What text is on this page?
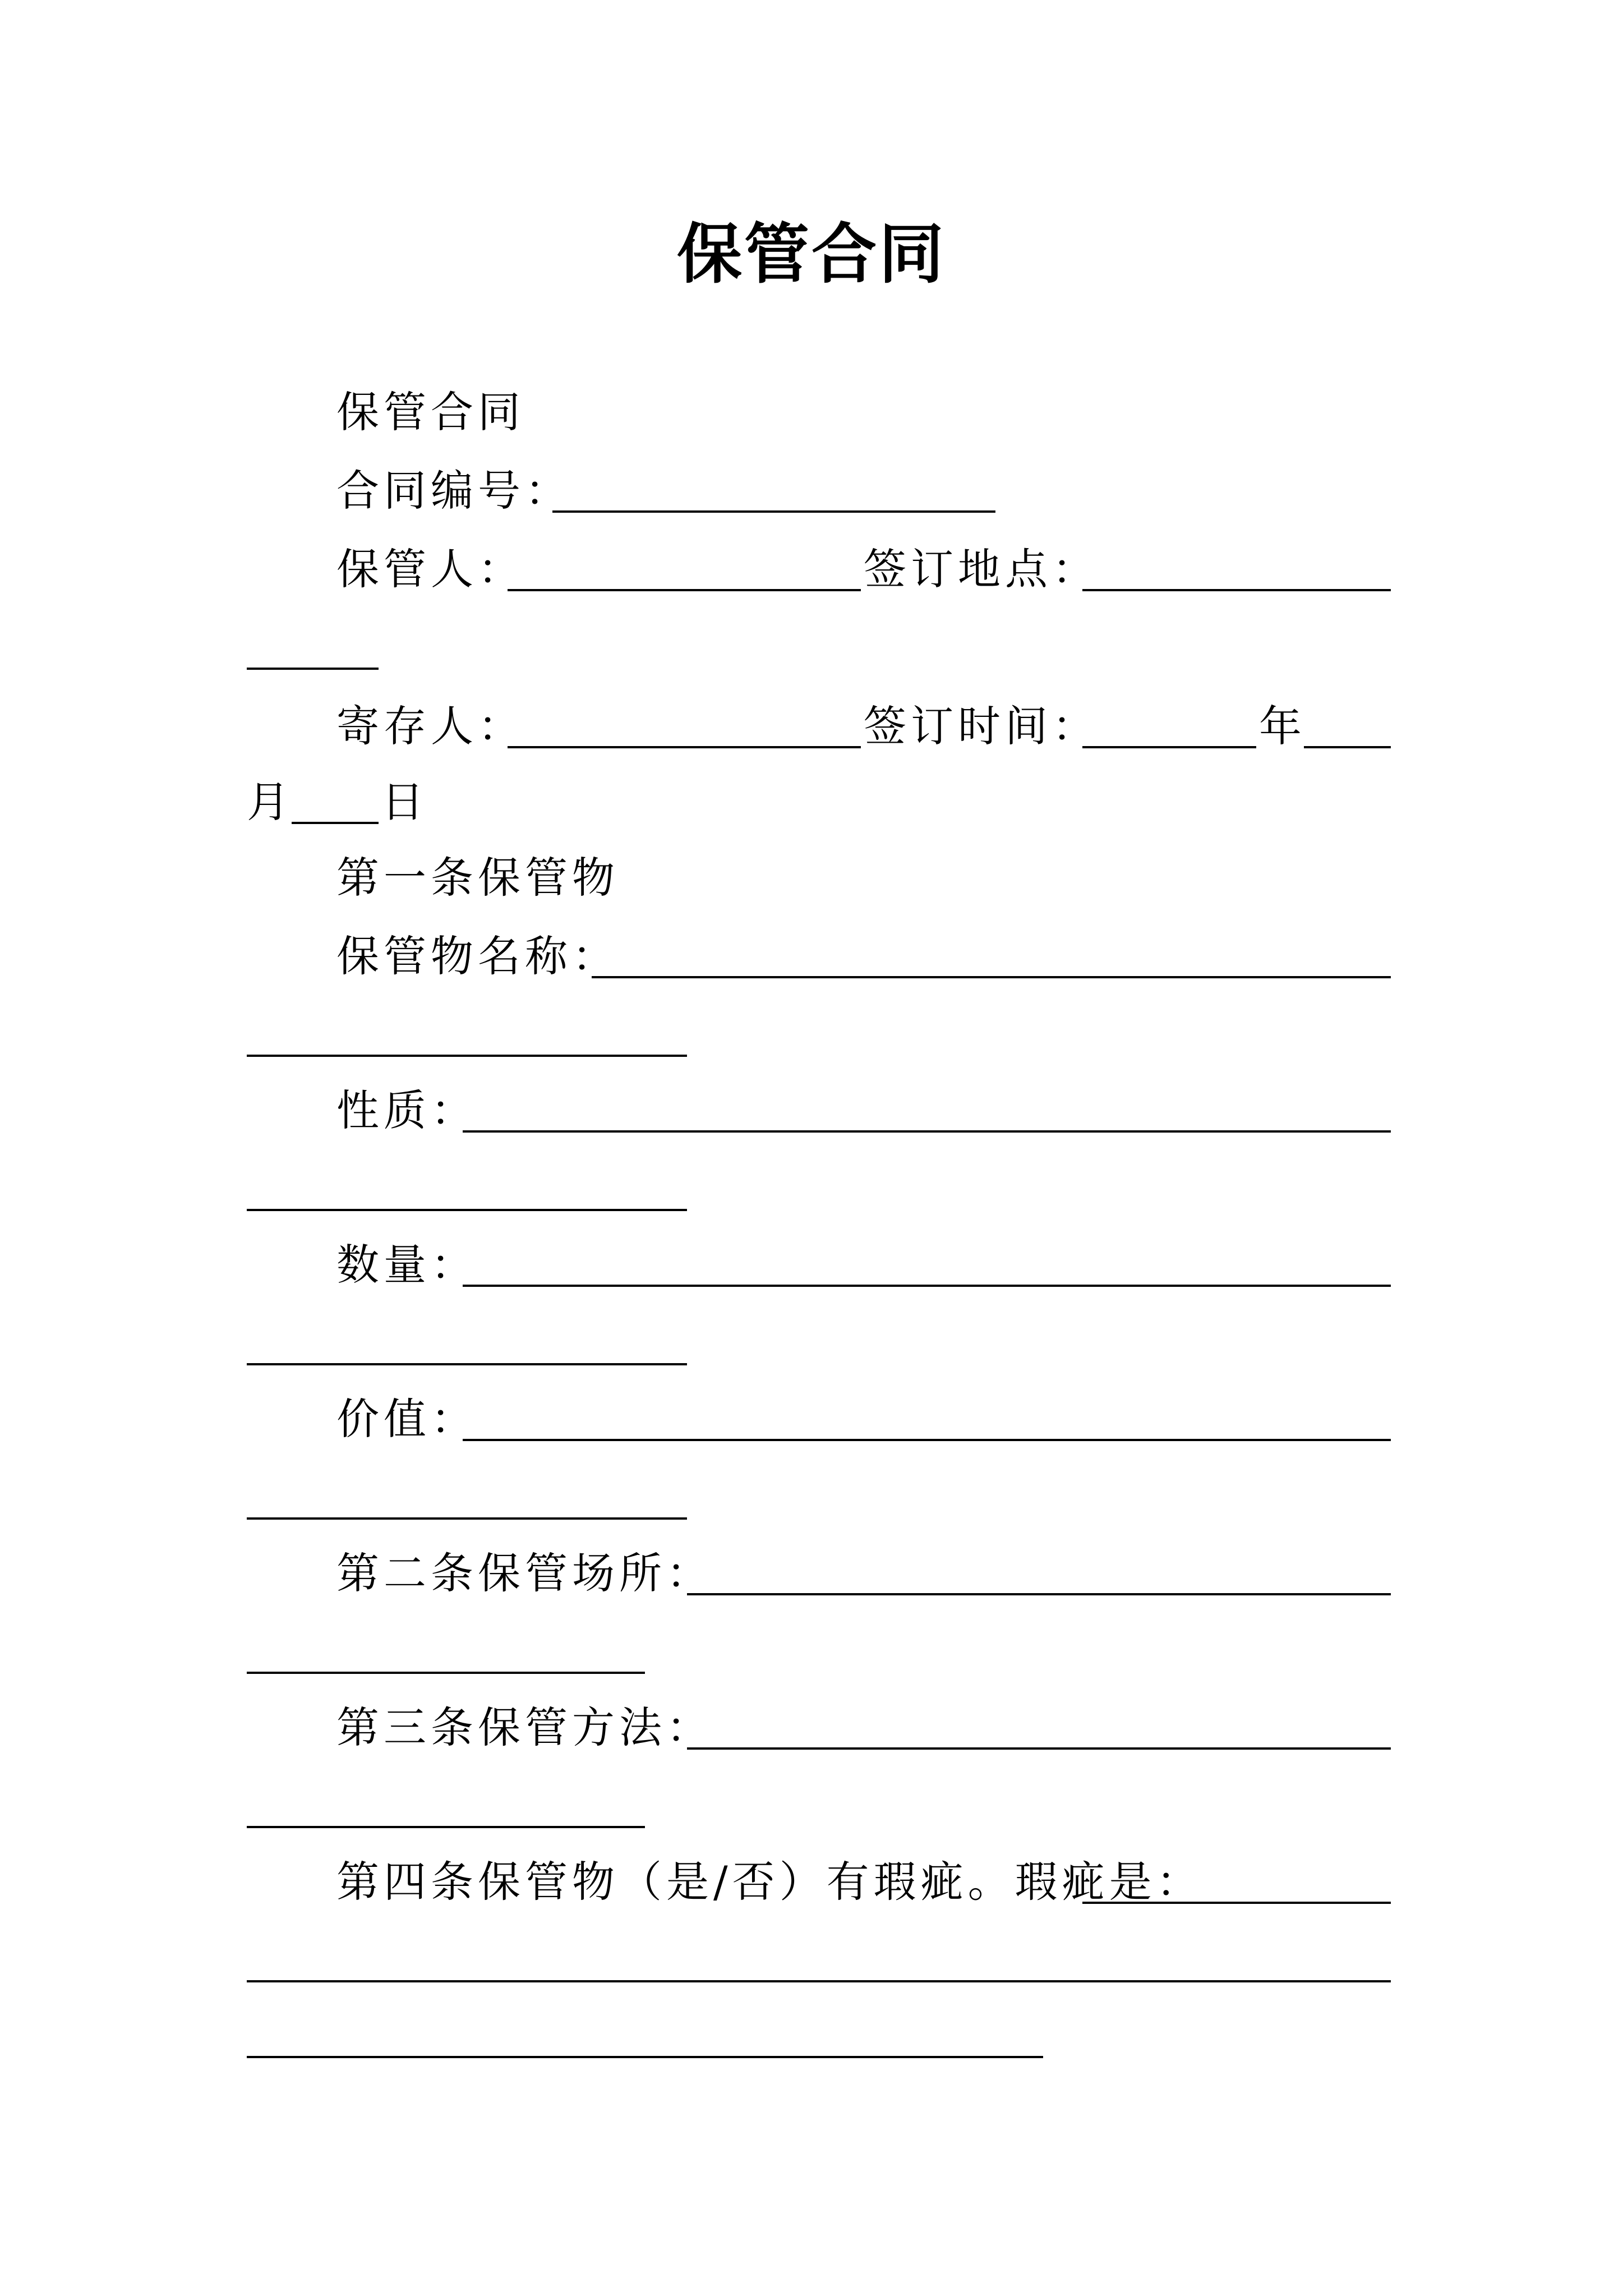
保管合同
保管合同
合同编号：
保管人：	签订地点：
寄存人：	签订时间：	年
月 日
第一条保管物
保管物名称：
性质：
数量：
价值：
第二条保管场所：
第三条保管方法：
第四条保管物（是/否）有瑕疵。瑕疵是：
